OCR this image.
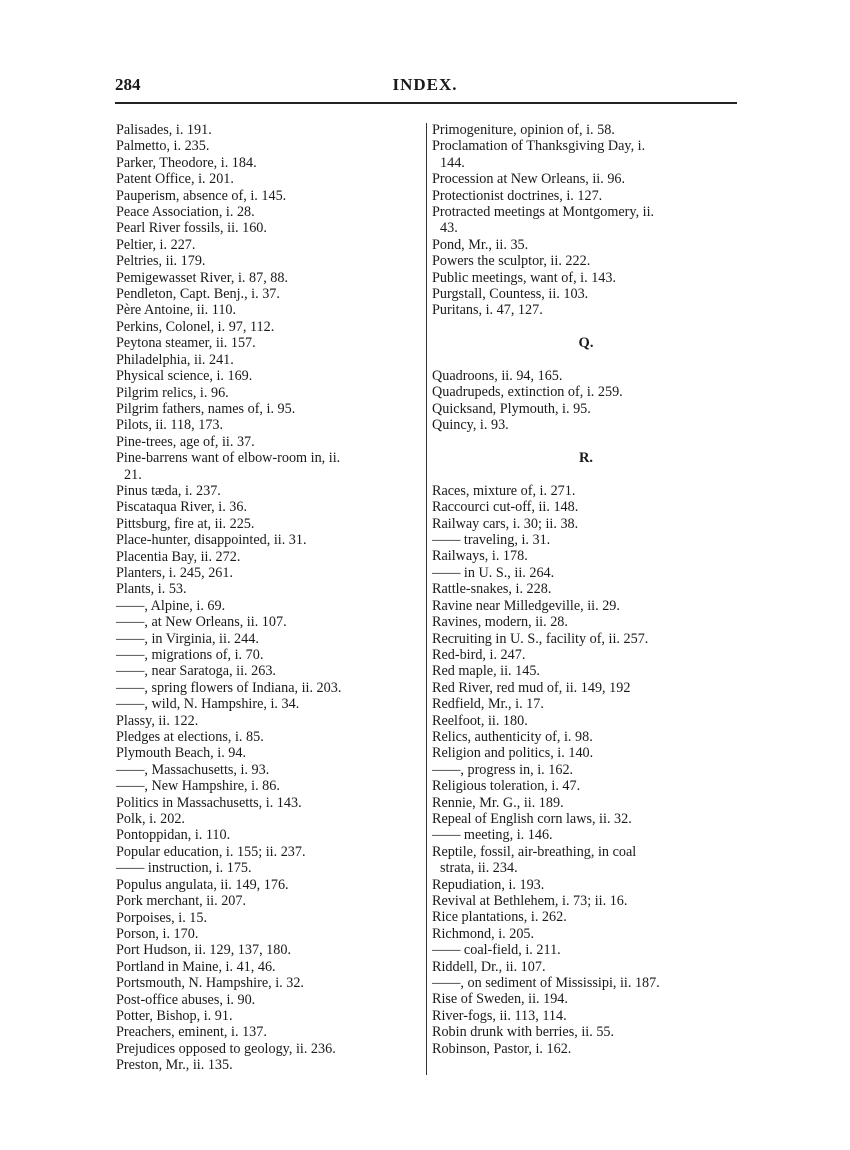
284	INDEX.
Palisades, i. 191.
Palmetto, i. 235.
Parker, Theodore, i. 184.
Patent Office, i. 201.
Pauperism, absence of, i. 145.
Peace Association, i. 28.
Pearl River fossils, ii. 160.
Peltier, i. 227.
Peltries, ii. 179.
Pemigewasset River, i. 87, 88.
Pendleton, Capt. Benj., i. 37.
Père Antoine, ii. 110.
Perkins, Colonel, i. 97, 112.
Peytona steamer, ii. 157.
Philadelphia, ii. 241.
Physical science, i. 169.
Pilgrim relics, i. 96.
Pilgrim fathers, names of, i. 95.
Pilots, ii. 118, 173.
Pine-trees, age of, ii. 37.
Pine-barrens want of elbow-room in, ii.
21.
Pinus tæda, i. 237.
Piscataqua River, i. 36.
Pittsburg, fire at, ii. 225.
Place-hunter, disappointed, ii. 31.
Placentia Bay, ii. 272.
Planters, i. 245, 261.
Plants, i. 53.
——, Alpine, i. 69.
——, at New Orleans, ii. 107.
——, in Virginia, ii. 244.
——, migrations of, i. 70.
——, near Saratoga, ii. 263.
——, spring flowers of Indiana, ii. 203.
——, wild, N. Hampshire, i. 34.
Plassy, ii. 122.
Pledges at elections, i. 85.
Plymouth Beach, i. 94.
——, Massachusetts, i. 93.
——, New Hampshire, i. 86.
Politics in Massachusetts, i. 143.
Polk, i. 202.
Pontoppidan, i. 110.
Popular education, i. 155; ii. 237.
—— instruction, i. 175.
Populus angulata, ii. 149, 176.
Pork merchant, ii. 207.
Porpoises, i. 15.
Porson, i. 170.
Port Hudson, ii. 129, 137, 180.
Portland in Maine, i. 41, 46.
Portsmouth, N. Hampshire, i. 32.
Post-office abuses, i. 90.
Potter, Bishop, i. 91.
Preachers, eminent, i. 137.
Prejudices opposed to geology, ii. 236.
Preston, Mr., ii. 135.
Primogeniture, opinion of, i. 58.
Proclamation of Thanksgiving Day, i.
144.
Procession at New Orleans, ii. 96.
Protectionist doctrines, i. 127.
Protracted meetings at Montgomery, ii.
43.
Pond, Mr., ii. 35.
Powers the sculptor, ii. 222.
Public meetings, want of, i. 143.
Purgstall, Countess, ii. 103.
Puritans, i. 47, 127.
Q.
Quadroons, ii. 94, 165.
Quadrupeds, extinction of, i. 259.
Quicksand, Plymouth, i. 95.
Quincy, i. 93.
R.
Races, mixture of, i. 271.
Raccourci cut-off, ii. 148.
Railway cars, i. 30; ii. 38.
—— traveling, i. 31.
Railways, i. 178.
—— in U. S., ii. 264.
Rattle-snakes, i. 228.
Ravine near Milledgeville, ii. 29.
Ravines, modern, ii. 28.
Recruiting in U. S., facility of, ii. 257.
Red-bird, i. 247.
Red maple, ii. 145.
Red River, red mud of, ii. 149, 192
Redfield, Mr., i. 17.
Reelfoot, ii. 180.
Relics, authenticity of, i. 98.
Religion and politics, i. 140.
——, progress in, i. 162.
Religious toleration, i. 47.
Rennie, Mr. G., ii. 189.
Repeal of English corn laws, ii. 32.
—— meeting, i. 146.
Reptile, fossil, air-breathing, in coal
strata, ii. 234.
Repudiation, i. 193.
Revival at Bethlehem, i. 73; ii. 16.
Rice plantations, i. 262.
Richmond, i. 205.
—— coal-field, i. 211.
Riddell, Dr., ii. 107.
——, on sediment of Mississipi, ii. 187.
Rise of Sweden, ii. 194.
River-fogs, ii. 113, 114.
Robin drunk with berries, ii. 55.
Robinson, Pastor, i. 162.
